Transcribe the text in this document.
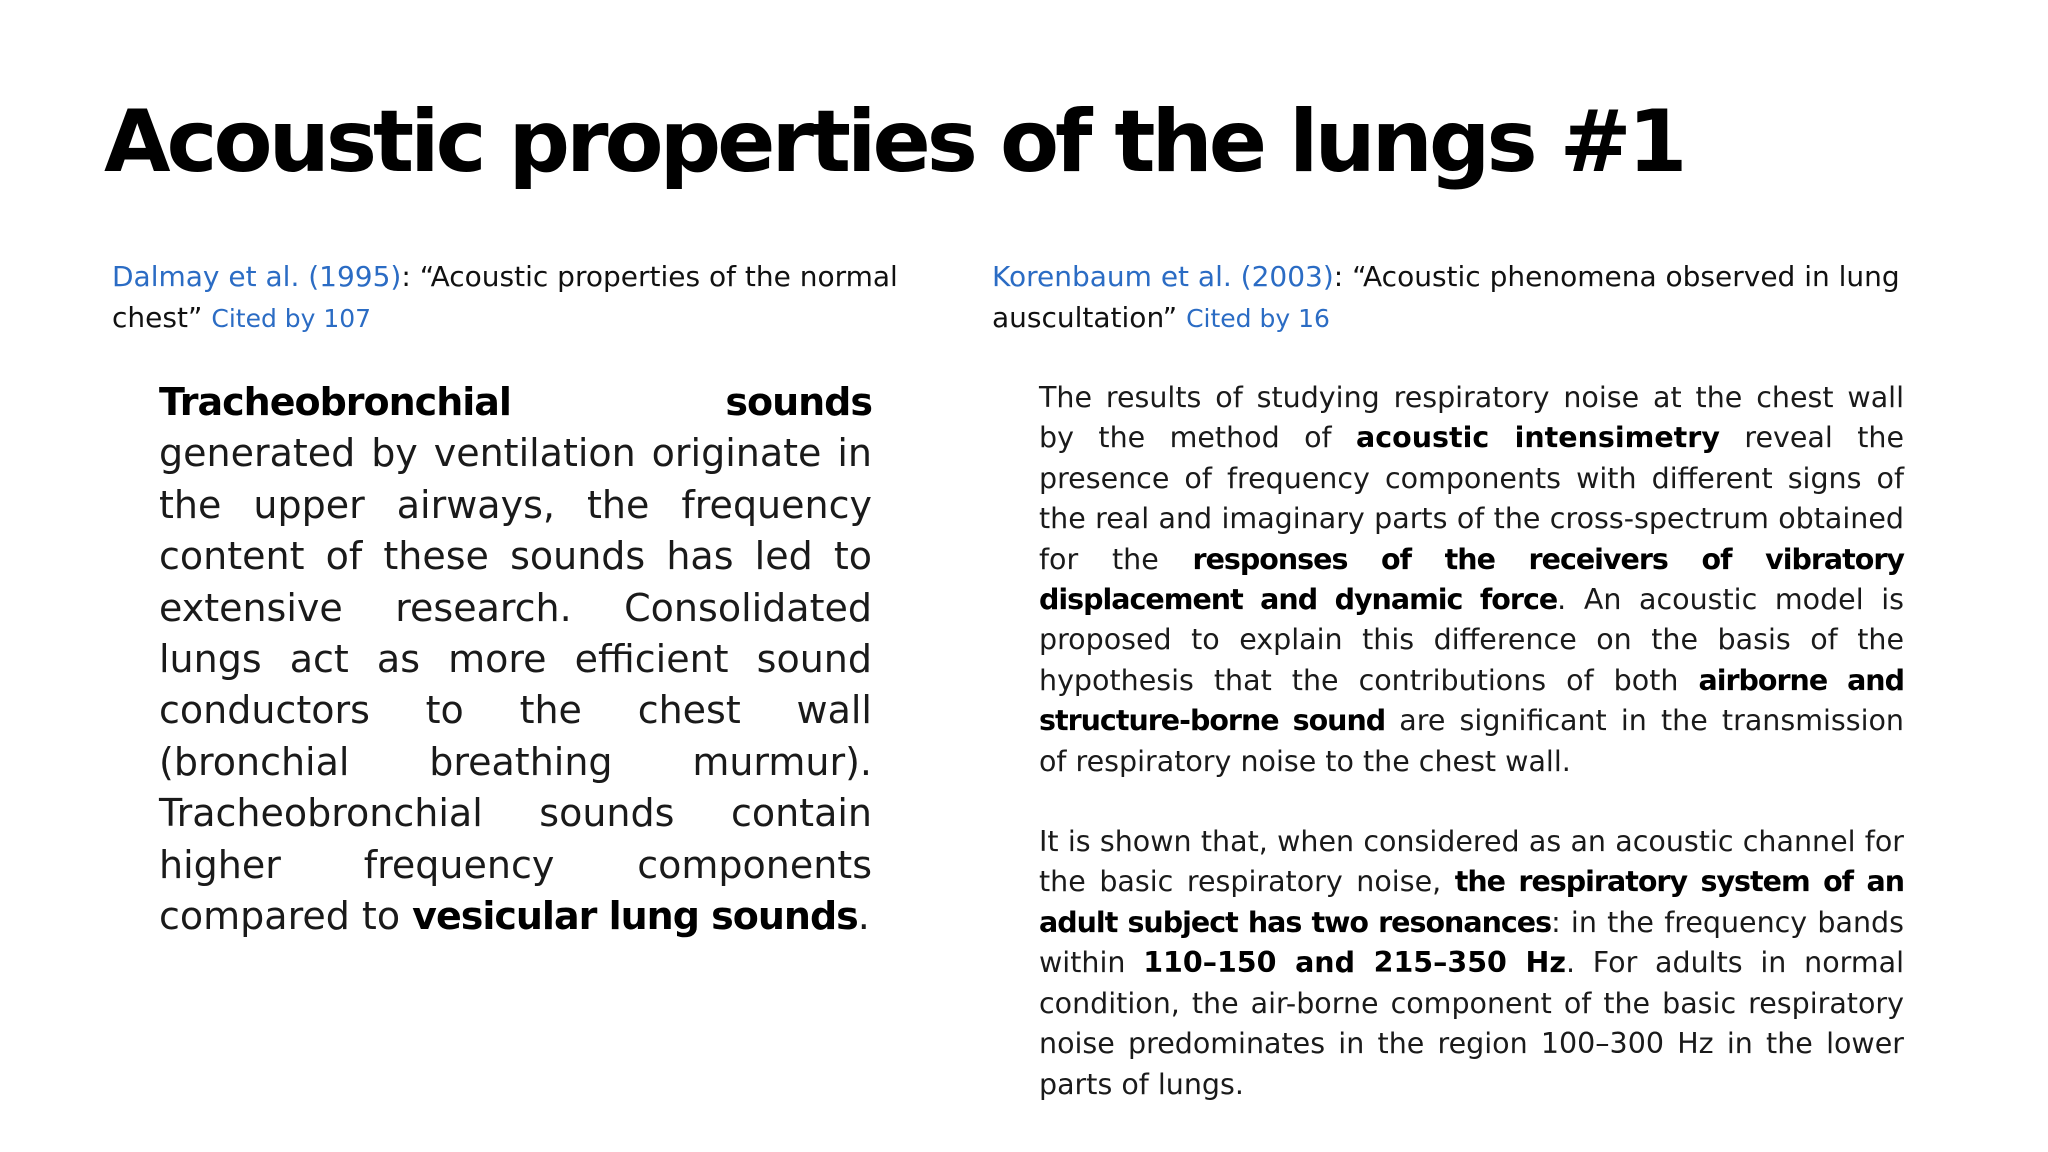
Acoustic properties of the lungs #1
Dalmay et al. (1995): “Acoustic properties of the normal chest” Cited by 107
Korenbaum et al. (2003): “Acoustic phenomena observed in lung auscultation” Cited by 16

Tracheobronchial sounds generated by ventilation originate in the upper airways, the frequency content of these sounds has led to extensive research. Consolidated lungs act as more efficient sound conductors to the chest wall (bronchial breathing murmur). Tracheobronchial sounds contain higher frequency components compared to vesicular lung sounds.

The results of studying respiratory noise at the chest wall by the method of acoustic intensimetry reveal the presence of frequency components with different signs of the real and imaginary parts of the cross-spectrum obtained for the responses of the receivers of vibratory displacement and dynamic force. An acoustic model is proposed to explain this difference on the basis of the hypothesis that the contributions of both airborne and structure-borne sound are significant in the transmission of respiratory noise to the chest wall.

It is shown that, when considered as an acoustic channel for the basic respiratory noise, the respiratory system of an adult subject has two resonances: in the frequency bands within 110–150 and 215–350 Hz. For adults in normal condition, the air-borne component of the basic respiratory noise predominates in the region 100–300 Hz in the lower parts of lungs.
